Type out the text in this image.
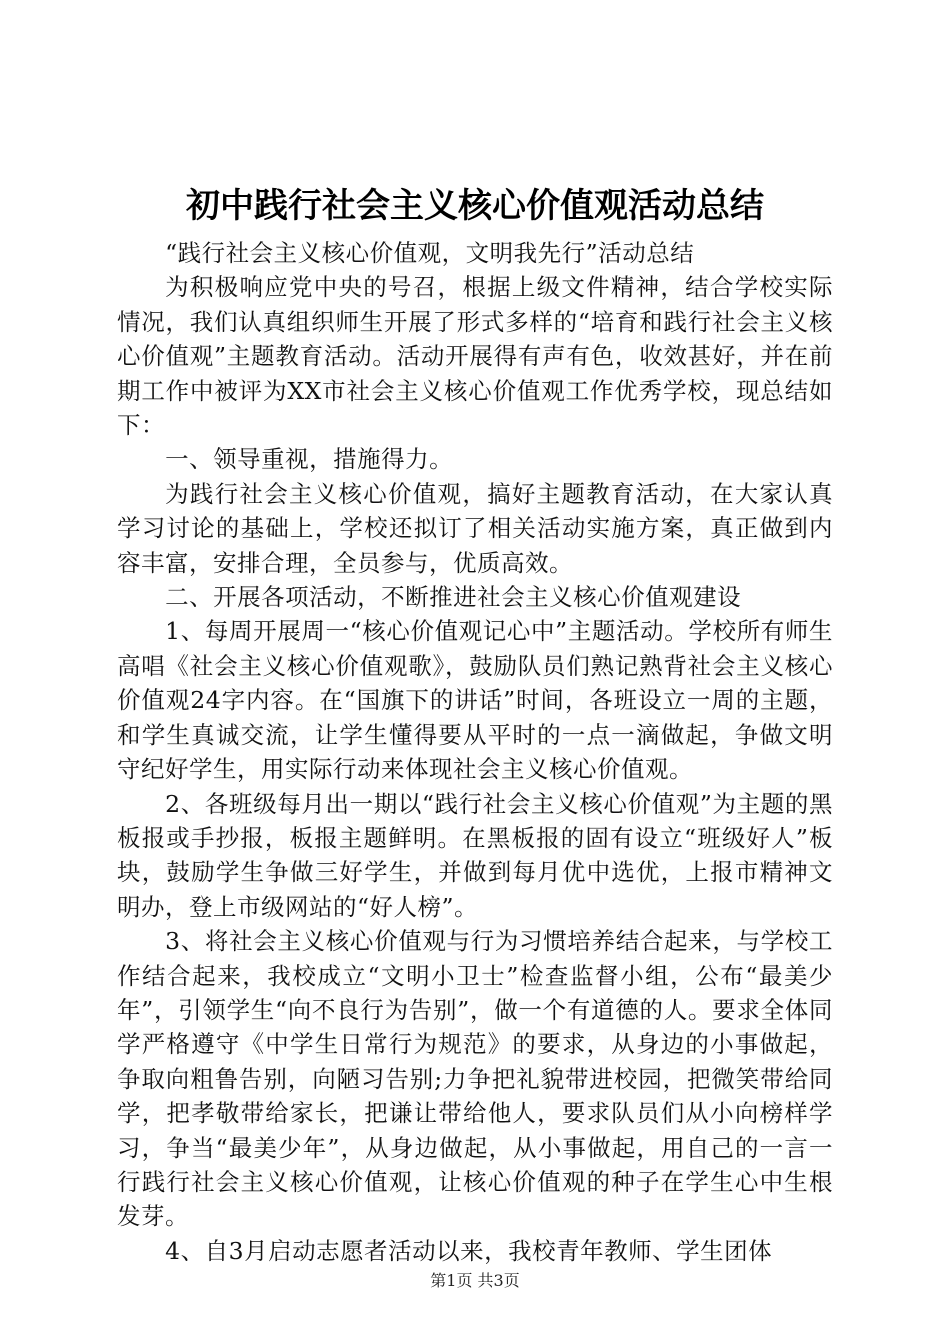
初中践行社会主义核心价值观活动总结

“践行社会主义核心价值观，文明我先行”活动总结

为积极响应党中央的号召，根据上级文件精神，结合学校实际情况，我们认真组织师生开展了形式多样的“培育和践行社会主义核心价值观”主题教育活动。活动开展得有声有色，收效甚好，并在前期工作中被评为XX市社会主义核心价值观工作优秀学校，现总结如下：

一、领导重视，措施得力。

为践行社会主义核心价值观，搞好主题教育活动，在大家认真学习讨论的基础上，学校还拟订了相关活动实施方案，真正做到内容丰富，安排合理，全员参与，优质高效。

二、开展各项活动，不断推进社会主义核心价值观建设

1、每周开展周一“核心价值观记心中”主题活动。学校所有师生高唱《社会主义核心价值观歌》，鼓励队员们熟记熟背社会主义核心价值观24字内容。在“国旗下的讲话”时间，各班设立一周的主题，和学生真诚交流，让学生懂得要从平时的一点一滴做起，争做文明守纪好学生，用实际行动来体现社会主义核心价值观。

2、各班级每月出一期以“践行社会主义核心价值观”为主题的黑板报或手抄报，板报主题鲜明。在黑板报的固有设立“班级好人”板块，鼓励学生争做三好学生，并做到每月优中选优，上报市精神文明办，登上市级网站的“好人榜”。

3、将社会主义核心价值观与行为习惯培养结合起来，与学校工作结合起来，我校成立“文明小卫士”检查监督小组，公布“最美少年”，引领学生“向不良行为告别”，做一个有道德的人。要求全体同学严格遵守《中学生日常行为规范》的要求，从身边的小事做起，争取向粗鲁告别，向陋习告别;力争把礼貌带进校园，把微笑带给同学，把孝敬带给家长，把谦让带给他人，要求队员们从小向榜样学习，争当“最美少年”，从身边做起，从小事做起，用自己的一言一行践行社会主义核心价值观，让核心价值观的种子在学生心中生根发芽。

4、自3月启动志愿者活动以来，我校青年教师、学生团体

第1页 共3页
